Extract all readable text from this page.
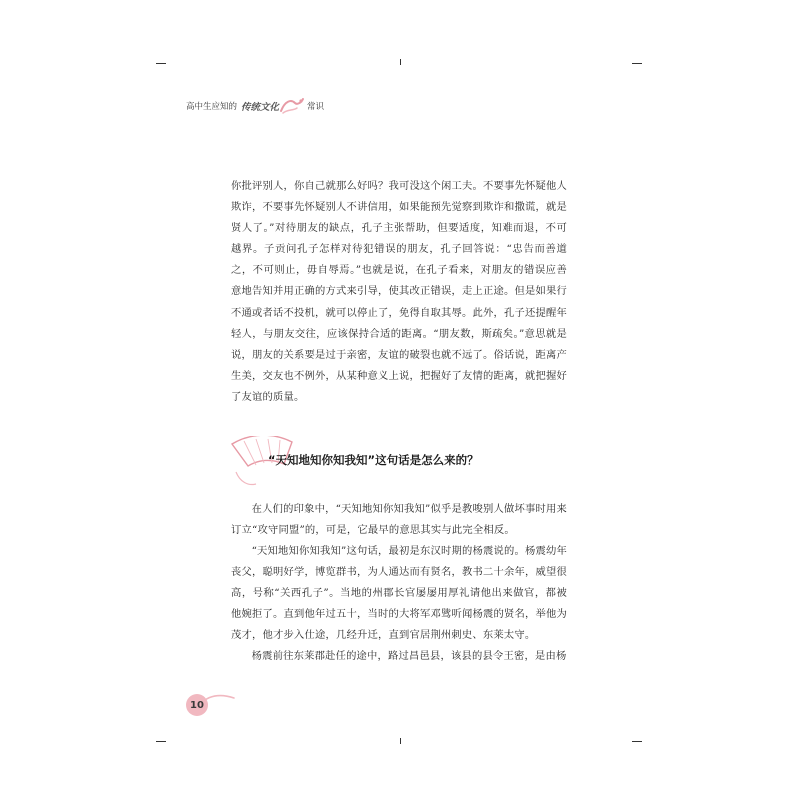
高中生应知的 传统文化	常识

你批评别人，你自己就那么好吗？我可没这个闲工夫。不要事先怀疑他人欺诈，不要事先怀疑别人不讲信用，如果能预先觉察到欺诈和撒谎，就是贤人了。”对待朋友的缺点，孔子主张帮助，但要适度，知难而退，不可越界。子贡问孔子怎样对待犯错误的朋友，孔子回答说：“忠告而善道之，不可则止，毋自辱焉。”也就是说，在孔子看来，对朋友的错误应善意地告知并用正确的方式来引导，使其改正错误，走上正途。但是如果行不通或者话不投机，就可以停止了，免得自取其辱。此外，孔子还提醒年轻人，与朋友交往，应该保持合适的距离。“朋友数，斯疏矣。”意思就是说，朋友的关系要是过于亲密，友谊的破裂也就不远了。俗话说，距离产生美，交友也不例外，从某种意义上说，把握好了友情的距离，就把握好了友谊的质量。

“天知地知你知我知”这句话是怎么来的？

在人们的印象中，“天知地知你知我知”似乎是教唆别人做坏事时用来订立“攻守同盟”的，可是，它最早的意思其实与此完全相反。

“天知地知你知我知”这句话，最初是东汉时期的杨震说的。杨震幼年丧父，聪明好学，博览群书，为人通达而有贤名，教书二十余年，威望很高，号称“关西孔子”。当地的州郡长官屡屡用厚礼请他出来做官，都被他婉拒了。直到他年过五十，当时的大将军邓骘听闻杨震的贤名，举他为茂才，他才步入仕途，几经升迁，直到官居荆州刺史、东莱太守。

杨震前往东莱郡赴任的途中，路过昌邑县，该县的县令王密，是由杨

10
